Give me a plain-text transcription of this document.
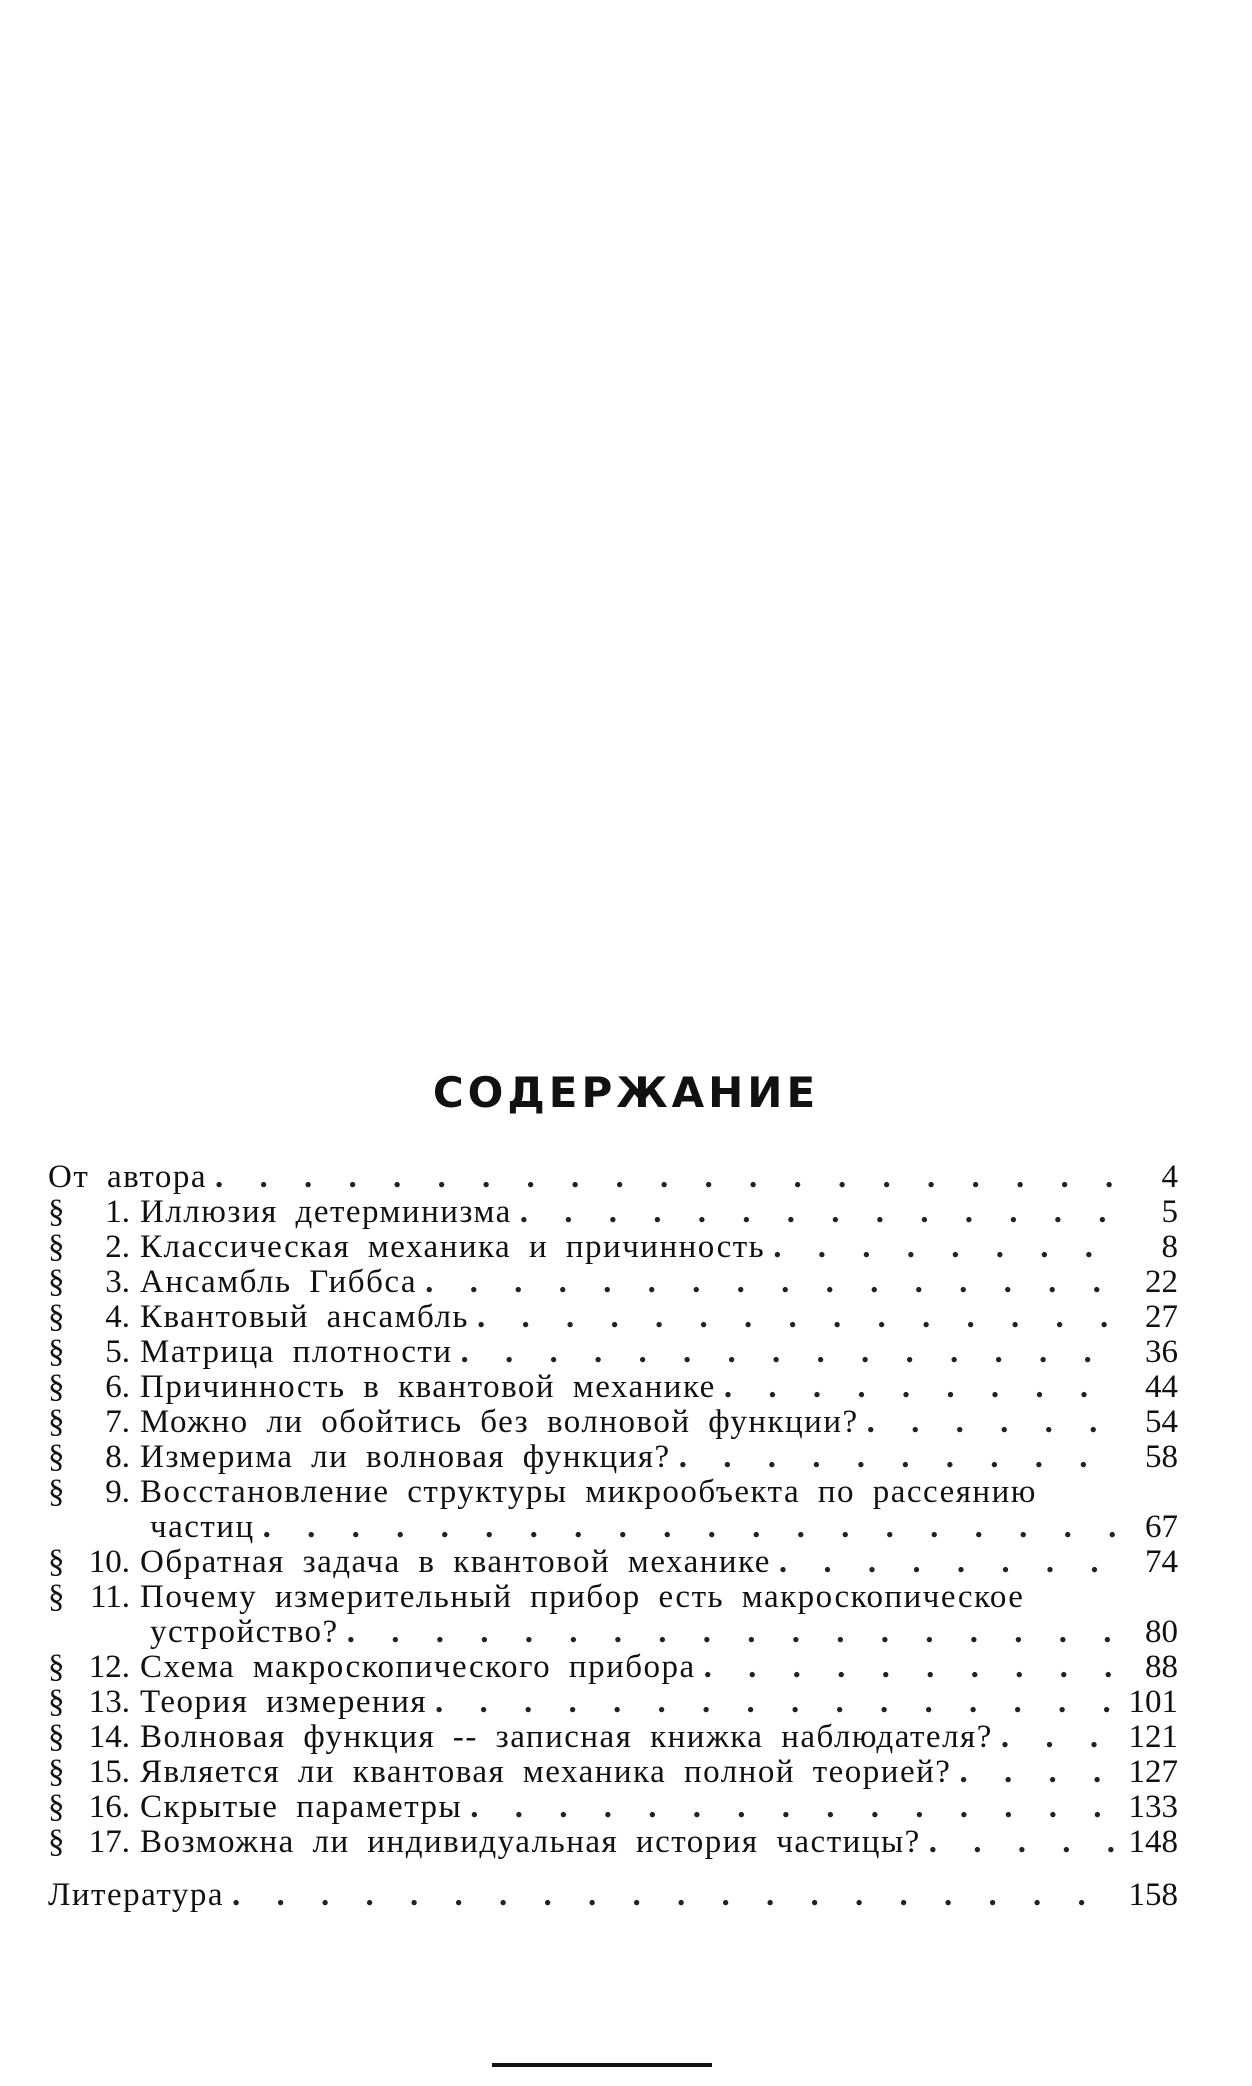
СОДЕРЖАНИЕ
От автора . . .	4
§	1. Иллюзия детерминизма . . .	5
§	2. Классическая механика и причинность . . .	8
§	3. Ансамбль Гиббса . . .	22
§	4. Квантовый ансамбль . . .	27
§	5. Матрица плотности . . .	36
§	6. Причинность в квантовой механике . . .	44
§	7. Можно ли обойтись без волновой функции? . . .	54
§	8. Измерима ли волновая функция? . . .	58
§	9. Восстановление структуры микрообъекта по рассеянию
частиц . . .	67
§ 10. Обратная задача в квантовой механике . . .	74
§ 11. Почему измерительный прибор есть макроскопическое
устройство? . . .	80
§ 12. Схема макроскопического прибора . . .	88
§ 13. Теория измерения . . .	101
§ 14. Волновая функция -- записная книжка наблюдателя? . . .	121
§ 15. Является ли квантовая механика полной теорией? . . .	127
§ 16. Скрытые параметры . . .	133
§ 17. Возможна ли индивидуальная история частицы? . . .	148
Литература . . .	158
